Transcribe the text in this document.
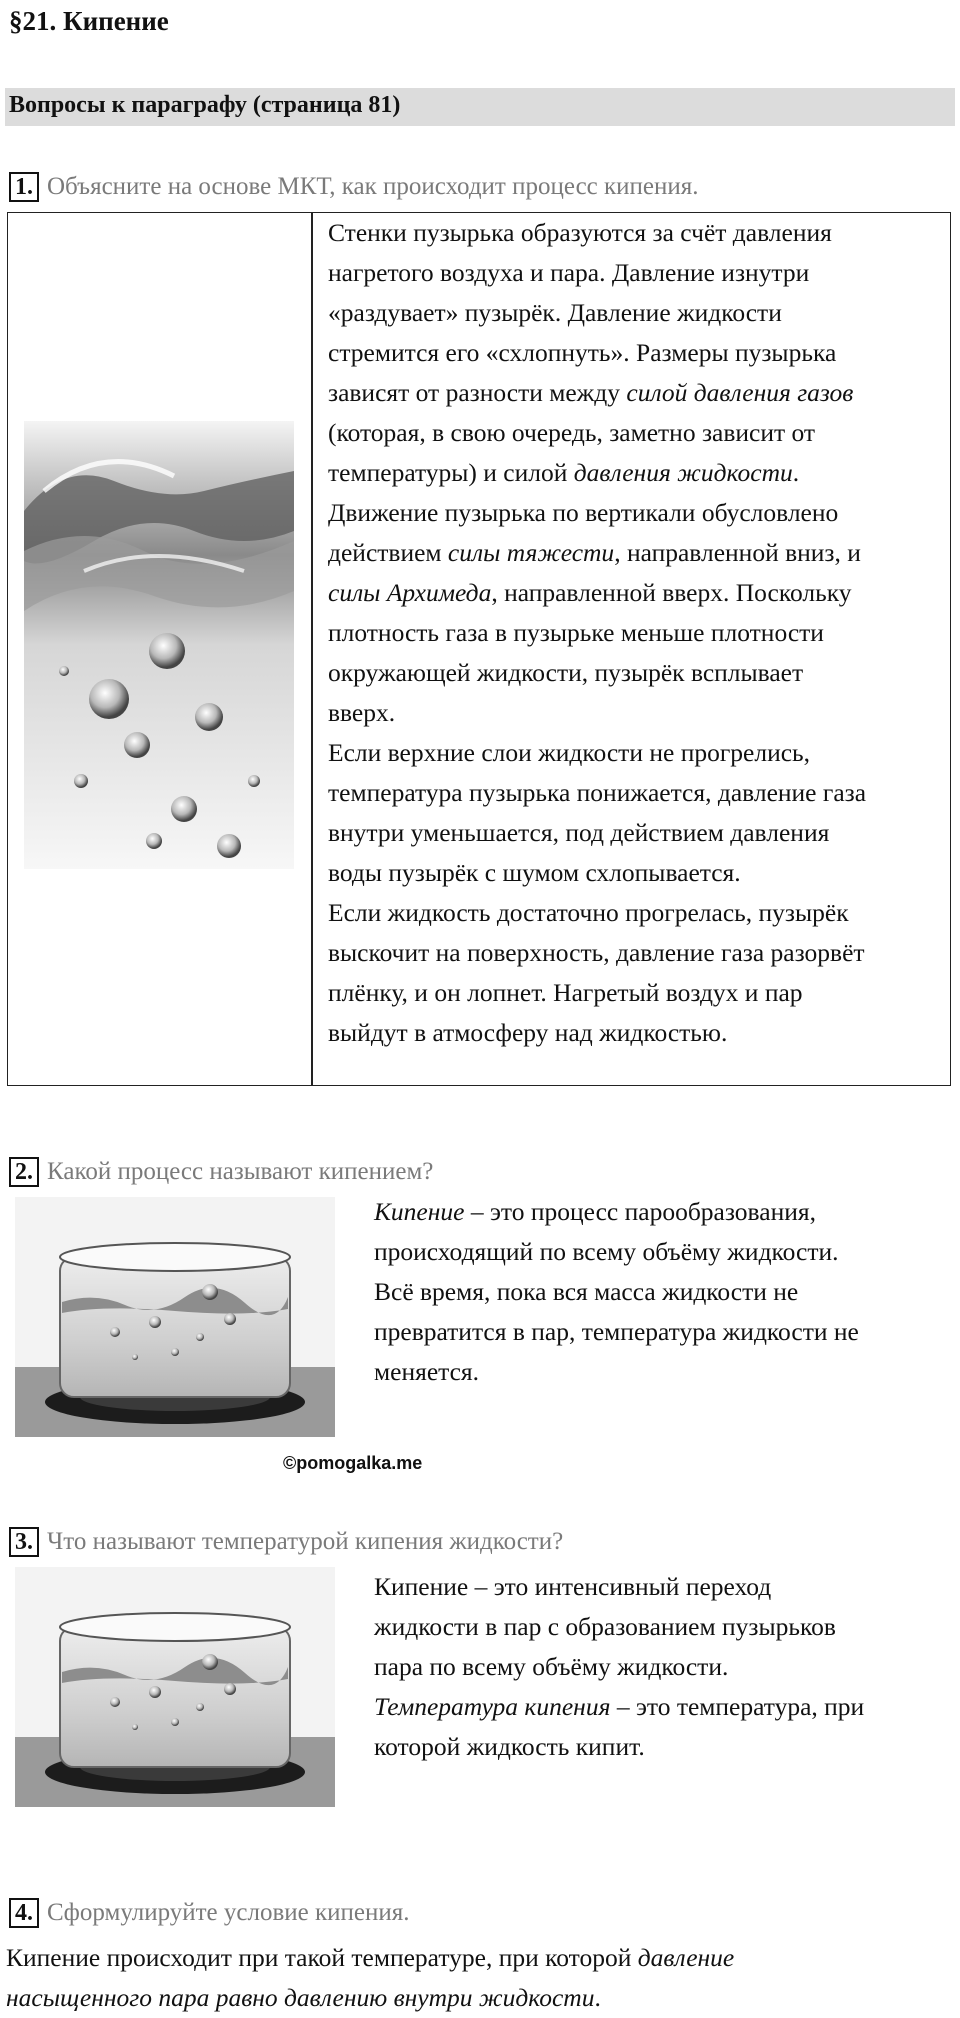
§21. Кипение
Вопросы к параграфу (страница 81)
1. Объясните на основе МКТ, как происходит процесс кипения.

Стенки пузырька образуются за счёт давления

нагретого воздуха и пара. Давление изнутри

«раздувает» пузырёк. Давление жидкости

стремится его «схлопнуть». Размеры пузырька

зависят от разности между силой давления газов

(которая, в свою очередь, заметно зависит от

температуры) и силой давления жидкости.

Движение пузырька по вертикали обусловлено

действием силы тяжести, направленной вниз, и

силы Архимеда, направленной вверх. Поскольку

плотность газа в пузырьке меньше плотности

окружающей жидкости, пузырёк всплывает

вверх.

Если верхние слои жидкости не прогрелись,

температура пузырька понижается, давление газа

внутри уменьшается, под действием давления

воды пузырёк с шумом схлопывается.

Если жидкость достаточно прогрелась, пузырёк

выскочит на поверхность, давление газа разорвёт

плёнку, и он лопнет. Нагретый воздух и пар

выйдут в атмосферу над жидкостью.

2. Какой процесс называют кипением?
©pomogalka.me

Кипение – это процесс парообразования,

происходящий по всему объёму жидкости.

Всё время, пока вся масса жидкости не

превратится в пар, температура жидкости не

меняется.

3. Что называют температурой кипения жидкости?

Кипение – это интенсивный переход

жидкости в пар с образованием пузырьков

пара по всему объёму жидкости.

Температура кипения – это температура, при

которой жидкость кипит.

4. Сформулируйте условие кипения.

Кипение происходит при такой температуре, при которой давление

насыщенного пара равно давлению внутри жидкости.
